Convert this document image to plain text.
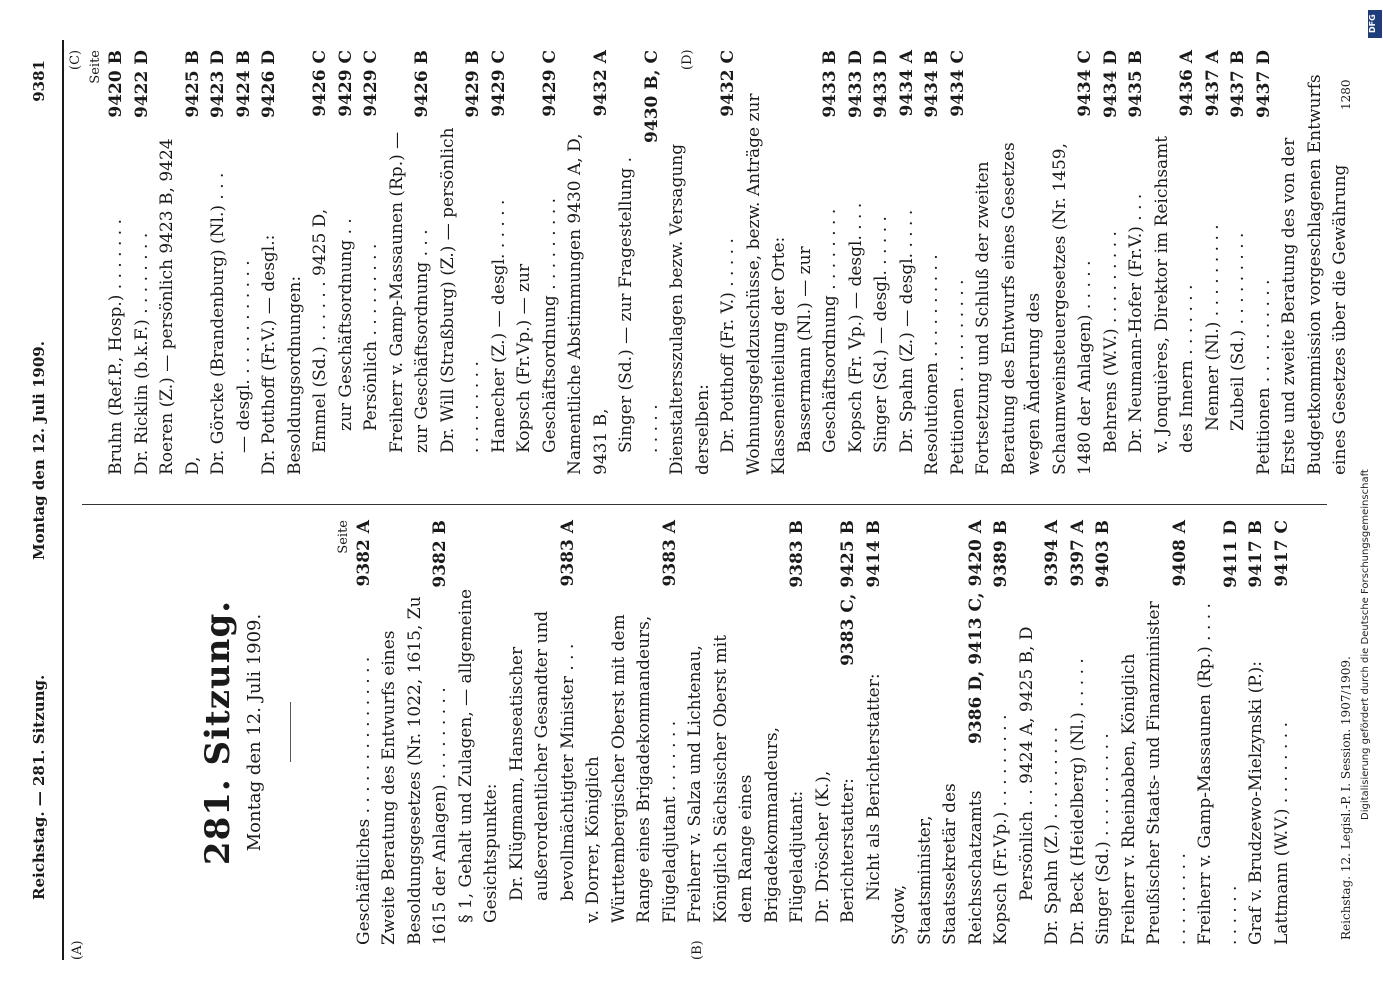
Reichstag. — 281. Sitzung.
Montag den 12. Juli 1909.
9381
(A)	(B)
(C)	(D)
281. Sitzung. Montag den 12. Juli 1909.
Seite
Geschäftliches . . . . . . . . . . . . . . .
9382 A
Zweite Beratung des Entwurfs eines Besoldungsgesetzes (Nr. 1022, 1615, Zu 1615 der Anlagen) . . . . . . . . .
9382 B
§ 1, Gehalt und Zulagen, — allgemeine Gesichtspunkte: Dr. Klügmann, Hanseatischer außerordentlicher Gesandter und bevollmächtigter Minister . . .
9383 A
v. Dorrer, Königlich Württembergischer Oberst mit dem Range eines Brigadekommandeurs, Flügeladjutant . . . . . . .
9383 A
Freiherr v. Salza und Lichtenau, Königlich Sächsischer Oberst mit dem Range eines Brigadekommandeurs, Flügeladjutant:
9383 B
Dr. Dröscher (K.), Berichterstatter:
9383 C, 9425 B
Nicht als Berichterstatter:
9414 B
Sydow, Staatsminister, Staatssekretär des Reichsschatzamts
9386 D, 9413 C, 9420 A
Kopsch (Fr.Vp.) . . . . . . . . .
9389 B
Persönlich . . 9424 A, 9425 B, D Dr. Spahn (Z.) . . . . . . . . .
9394 A
Dr. Beck (Heidelberg) (Nl.) . . . . .
9397 A
Singer (Sd.) . . . . . . . . . .
9403 B
Freiherr v. Rheinbaben, Königlich Preußischer Staats- und Finanzminister . . . . . . . . .
9408 A
Freiherr v. Gamp-Massaunen (Rp.) . . . . . . . . . .
9411 D
Graf v. Brudzewo-Mielzynski (P.):
9417 B
Lattmann (W.V.) . . . . . . . .
9417 C
Seite
Bruhn (Ref.P., Hosp.) . . . . . . .
9420 B
Dr. Ricklin (b.k.F.) . . . . . . . .
9422 D
Roeren (Z.) — persönlich 9423 B, 9424 D,
9425 B
Dr. Görcke (Brandenburg) (Nl.) . . .
9423 D
— desgl. . . . . . . . . . . .
9424 B
Dr. Potthoff (Fr.V.) — desgl.:
9426 D
Besoldungsordnungen: Emmel (Sd.) . . . . . . 9425 D,
9426 C
zur Geschäftsordnung . .
9429 C
Persönlich . . . . . . . . .
9429 C
Freiherr v. Gamp-Massaunen (Rp.) — zur Geschäftsordnung . . .
9426 B
Dr. Will (Straßburg) (Z.) — persönlich . . . . . . . . .
9429 B
Hanecher (Z.) — desgl. . . . . .
9429 C
Kopsch (Fr.Vp.) — zur Geschäftsordnung . . . . . . . . .
9429 C
Namentliche Abstimmungen 9430 A, D, 9431 B,
9432 A
Singer (Sd.) — zur Fragestellung . . . . . .
9430 B, C
Dienstaltersszulagen bezw. Versagung derselben: Dr. Potthoff (Fr. V.) . . . . .
9432 C
Wohnungsgeldzuschüsse, bezw. Anträge zur Klasseneinteilung der Orte: Bassermann (Nl.) — zur Geschäftsordnung . . . . . . . .
9433 B
Kopsch (Fr. Vp.) — desgl. . . .
9433 D
Singer (Sd.) — desgl. . . . . .
9433 D
Dr. Spahn (Z.) — desgl. . . . .
9434 A
Resolutionen . . . . . . . . . .
9434 B
Petitionen . . . . . . . . . .
9434 C
Fortsetzung und Schluß der zweiten Beratung des Entwurfs eines Gesetzes wegen Änderung des Schaumweinsteuergesetzes (Nr. 1459, 1480 der Anlagen) . . . . .
9434 C
Behrens (W.V.) . . . . . . . . .
9434 D
Dr. Neumann-Hofer (Fr.V.) . . .
9435 B
v. Jonquières, Direktor im Reichsamt des Innern . . . . . . .
9436 A
Nenner (Nl.) . . . . . . . . .
9437 A
Zubeil (Sd.) . . . . . . . . .
9437 B
Petitionen . . . . . . . . . .
9437 D
Erste und zweite Beratung des von der Budgetkommission vorgeschlagenen Entwurfs eines Gesetzes über die Gewährung
Reichstag. 12. Legisl.-P. I. Session. 1907/1909.
1280
DFG
Digitalisierung gefördert durch die Deutsche Forschungsgemeinschaft
